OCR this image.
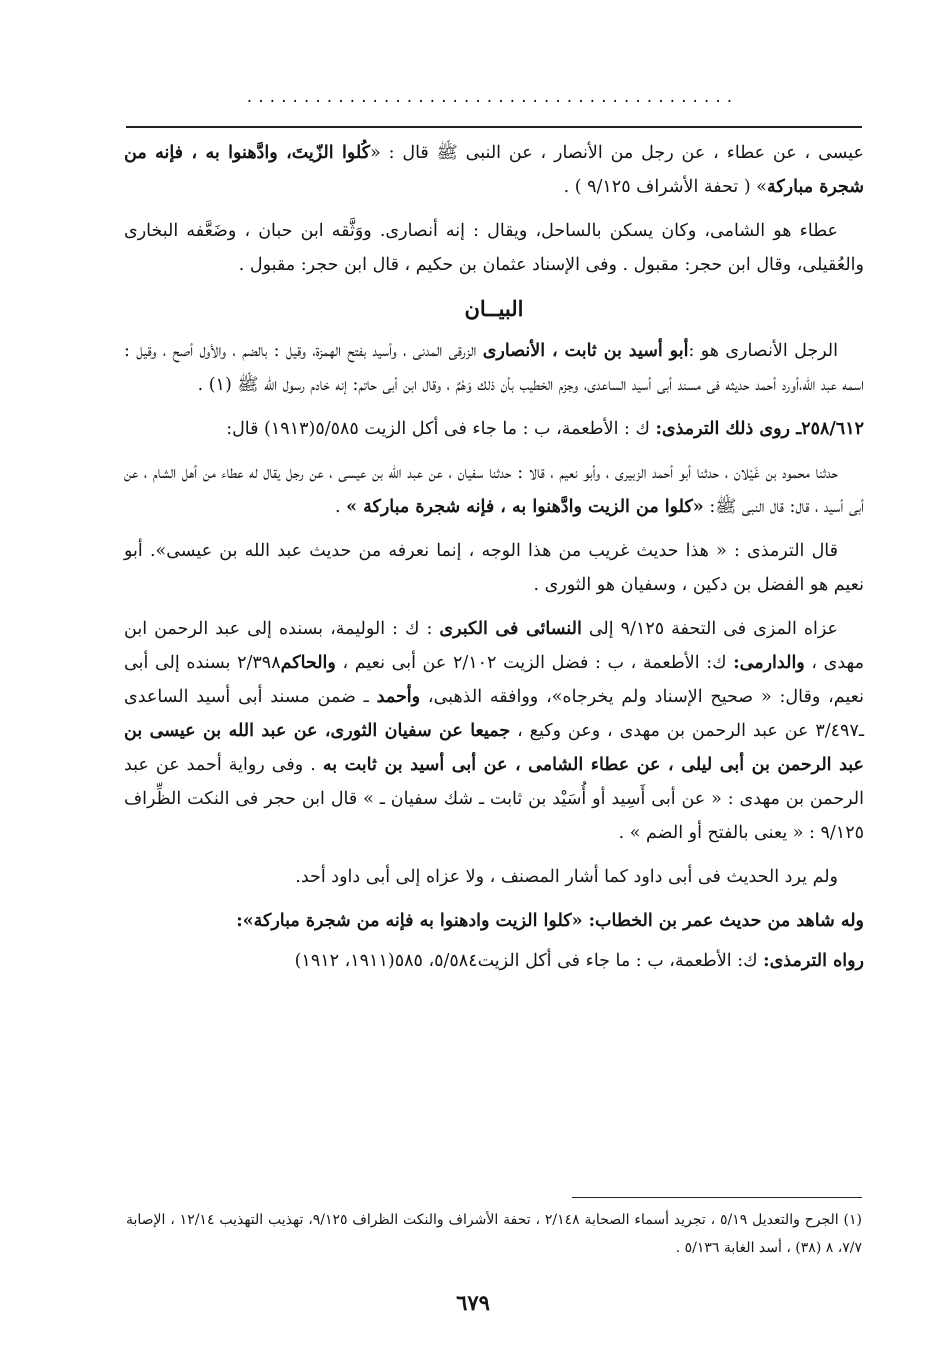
...........................................

عيسى ، عن عطاء ، عن رجل من الأنصار ، عن النبى ﷺ قال : «كُلوا الزّيتَ، وادَّهنوا به ، فإنه من شجرة مباركة» ( تحفة الأشراف ٩/١٢٥ ) .

عطاء هو الشامى، وكان يسكن بالساحل، ويقال : إنه أنصارى. ووَثَّقه ابن حبان ، وضَعَّفه البخارى والعُقيلى، وقال ابن حجر: مقبول . وفى الإسناد عثمان بن حكيم ، قال ابن حجر: مقبول .

البيــان

الرجل الأنصارى هو :أبو أسيد بن ثابت ، الأنصارى الزرقى المدنى ، وأسيد بفتح الهمزة، وقيل : بالضم ، والأول أصح ، وقيل : اسمه عبد الله،أورد أحمد حديثه فى مسند أبى أسيد الساعدى، وجزم الخطيب بأن ذلك وَهْمٌ ، وقال ابن أبى حاتم: إنه خادم رسول الله ﷺ (١) .

٢٥٨/٦١٢ـ روى ذلك الترمذى: ك : الأطعمة، ب : ما جاء فى أكل الزيت ٥/٥٨٥(١٩١٣) قال:

حدثنا محمود بن غَيْلان ، حدثنا أبو أحمد الزبيرى ، وأبو نعيم ، قالا : حدثنا سفيان ، عن عبد الله بن عيسى ، عن رجل يقال له عطاء من أهل الشام ، عن أبى أسيد ، قال: قال النبى ﷺ: «كلوا من الزيت وادَّهنوا به ، فإنه شجرة مباركة » .

قال الترمذى : « هذا حديث غريب من هذا الوجه ، إنما نعرفه من حديث عبد الله بن عيسى». أبو نعيم هو الفضل بن دكين ، وسفيان هو الثورى .

عزاه المزى فى التحفة ٩/١٢٥ إلى النسائى فى الكبرى : ك : الوليمة، بسنده إلى عبد الرحمن ابن مهدى ، والدارمى: ك: الأطعمة ، ب : فضل الزيت ٢/١٠٢ عن أبى نعيم ، والحاكم٢/٣٩٨ بسنده إلى أبى نعيم، وقال: « صحيح الإسناد ولم يخرجاه»، ووافقه الذهبى، وأحمد ـ ضمن مسند أبى أسيد الساعدى ـ٣/٤٩٧ عن عبد الرحمن بن مهدى ، وعن وكيع ، جميعا عن سفيان الثورى، عن عبد الله بن عيسى بن عبد الرحمن بن أبى ليلى ، عن عطاء الشامى ، عن أبى أسيد بن ثابت به . وفى رواية أحمد عن عبد الرحمن بن مهدى : « عن أبى أَسِيد أو أُسَيْد بن ثابت ـ شك سفيان ـ » قال ابن حجر فى النكت الظِّراف ٩/١٢٥ : « يعنى بالفتح أو الضم » .

ولم يرد الحديث فى أبى داود كما أشار المصنف ، ولا عزاه إلى أبى داود أحد.

وله شاهد من حديث عمر بن الخطاب: «كلوا الزيت وادهنوا به فإنه من شجرة مباركة»:

رواه الترمذى: ك: الأطعمة، ب : ما جاء فى أكل الزيت٥/٥٨٤، ٥٨٥(١٩١١، ١٩١٢)

(١) الجرح والتعديل ٥/١٩ ، تجريد أسماء الصحابة ٢/١٤٨ ، تحفة الأشراف والنكت الظراف ٩/١٢٥، تهذيب التهذيب ١٢/١٤ ، الإصابة ٧/٧، ٨ (٣٨) ، أسد الغابة ٥/١٣٦ .
٦٧٩
